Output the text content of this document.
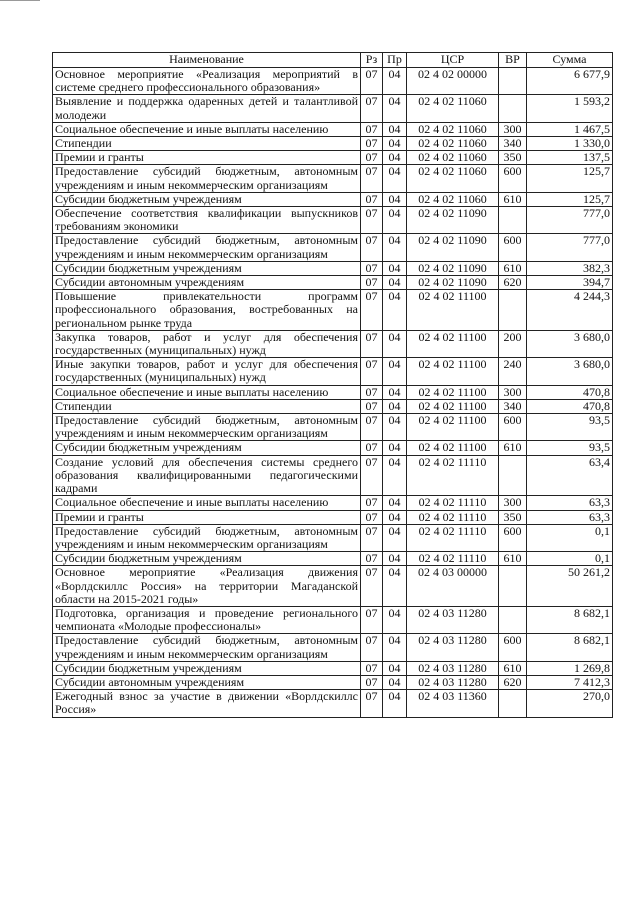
Наименование	Рз	Пр	ЦСР	ВР	Сумма
Основное мероприятие «Реализация мероприятий в системе среднего профессионального образования»	07	04	02 4 02 00000		6 677,9
Выявление и поддержка одаренных детей и талантливой молодежи	07	04	02 4 02 11060		1 593,2
Социальное обеспечение и иные выплаты населению	07	04	02 4 02 11060	300	1 467,5
Стипендии	07	04	02 4 02 11060	340	1 330,0
Премии и гранты	07	04	02 4 02 11060	350	137,5
Предоставление субсидий бюджетным, автономным учреждениям и иным некоммерческим организациям	07	04	02 4 02 11060	600	125,7
Субсидии бюджетным учреждениям	07	04	02 4 02 11060	610	125,7
Обеспечение соответствия квалификации выпускников требованиям экономики	07	04	02 4 02 11090		777,0
Предоставление субсидий бюджетным, автономным учреждениям и иным некоммерческим организациям	07	04	02 4 02 11090	600	777,0
Субсидии бюджетным учреждениям	07	04	02 4 02 11090	610	382,3
Субсидии автономным учреждениям	07	04	02 4 02 11090	620	394,7
Повышение привлекательности программ профессионального образования, востребованных на региональном рынке труда	07	04	02 4 02 11100		4 244,3
Закупка товаров, работ и услуг для обеспечения государственных (муниципальных) нужд	07	04	02 4 02 11100	200	3 680,0
Иные закупки товаров, работ и услуг для обеспечения государственных (муниципальных) нужд	07	04	02 4 02 11100	240	3 680,0
Социальное обеспечение и иные выплаты населению	07	04	02 4 02 11100	300	470,8
Стипендии	07	04	02 4 02 11100	340	470,8
Предоставление субсидий бюджетным, автономным учреждениям и иным некоммерческим организациям	07	04	02 4 02 11100	600	93,5
Субсидии бюджетным учреждениям	07	04	02 4 02 11100	610	93,5
Создание условий для обеспечения системы среднего образования квалифицированными педагогическими кадрами	07	04	02 4 02 11110		63,4
Социальное обеспечение и иные выплаты населению	07	04	02 4 02 11110	300	63,3
Премии и гранты	07	04	02 4 02 11110	350	63,3
Предоставление субсидий бюджетным, автономным учреждениям и иным некоммерческим организациям	07	04	02 4 02 11110	600	0,1
Субсидии бюджетным учреждениям	07	04	02 4 02 11110	610	0,1
Основное мероприятие «Реализация движения «Ворлдскиллс Россия» на территории Магаданской области на 2015-2021 годы»	07	04	02 4 03 00000		50 261,2
Подготовка, организация и проведение регионального чемпионата «Молодые профессионалы»	07	04	02 4 03 11280		8 682,1
Предоставление субсидий бюджетным, автономным учреждениям и иным некоммерческим организациям	07	04	02 4 03 11280	600	8 682,1
Субсидии бюджетным учреждениям	07	04	02 4 03 11280	610	1 269,8
Субсидии автономным учреждениям	07	04	02 4 03 11280	620	7 412,3
Ежегодный взнос за участие в движении «Ворлдскиллс Россия»	07	04	02 4 03 11360		270,0
